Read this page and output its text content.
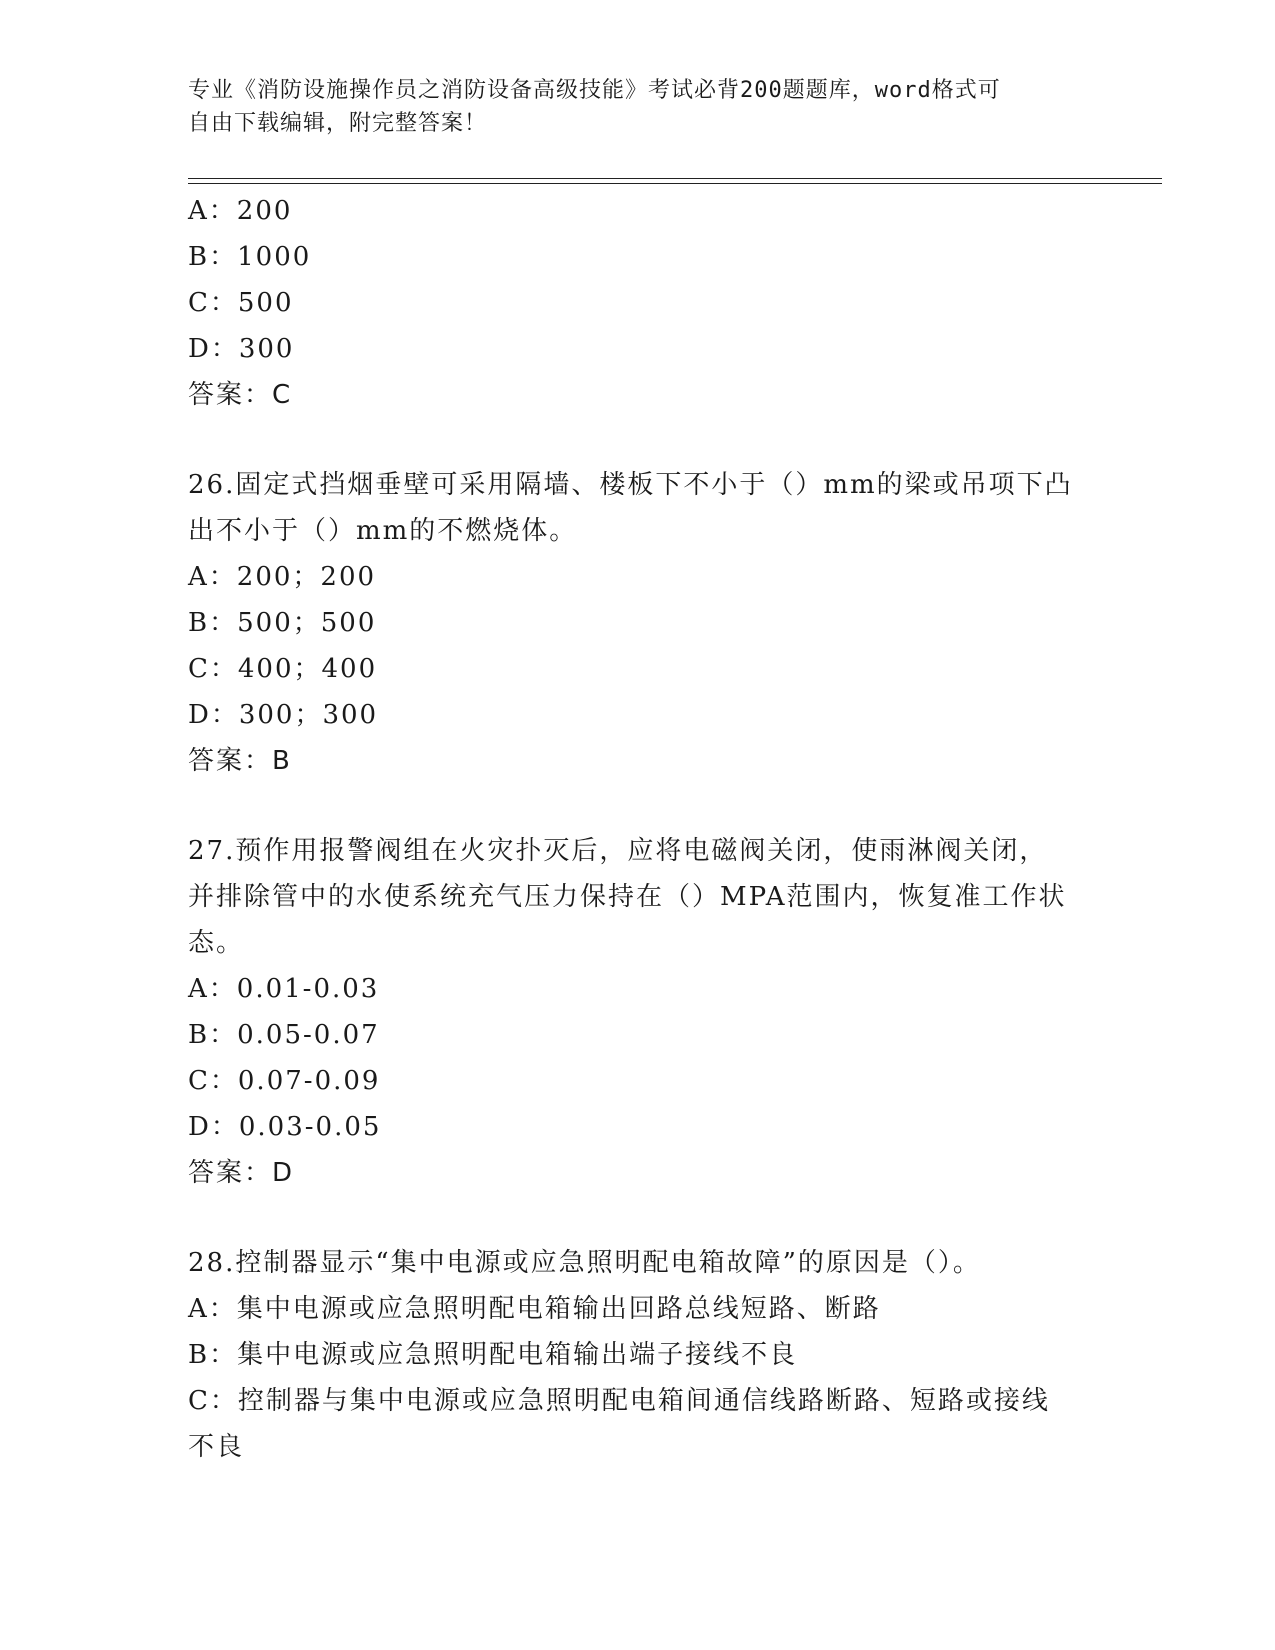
专业《消防设施操作员之消防设备高级技能》考试必背200题题库，word格式可
自由下载编辑，附完整答案！
A：200
B：1000
C：500
D：300
答案：C
26.固定式挡烟垂壁可采用隔墙、楼板下不小于（）mm的梁或吊项下凸
出不小于（）mm的不燃烧体。
A：200；200
B：500；500
C：400；400
D：300；300
答案：B
27.预作用报警阀组在火灾扑灭后，应将电磁阀关闭，使雨淋阀关闭，
并排除管中的水使系统充气压力保持在（）MPA范围内，恢复准工作状
态。
A：0.01-0.03
B：0.05-0.07
C：0.07-0.09
D：0.03-0.05
答案：D
28.控制器显示“集中电源或应急照明配电箱故障”的原因是（）。
A：集中电源或应急照明配电箱输出回路总线短路、断路
B：集中电源或应急照明配电箱输出端子接线不良
C：控制器与集中电源或应急照明配电箱间通信线路断路、短路或接线
不良
